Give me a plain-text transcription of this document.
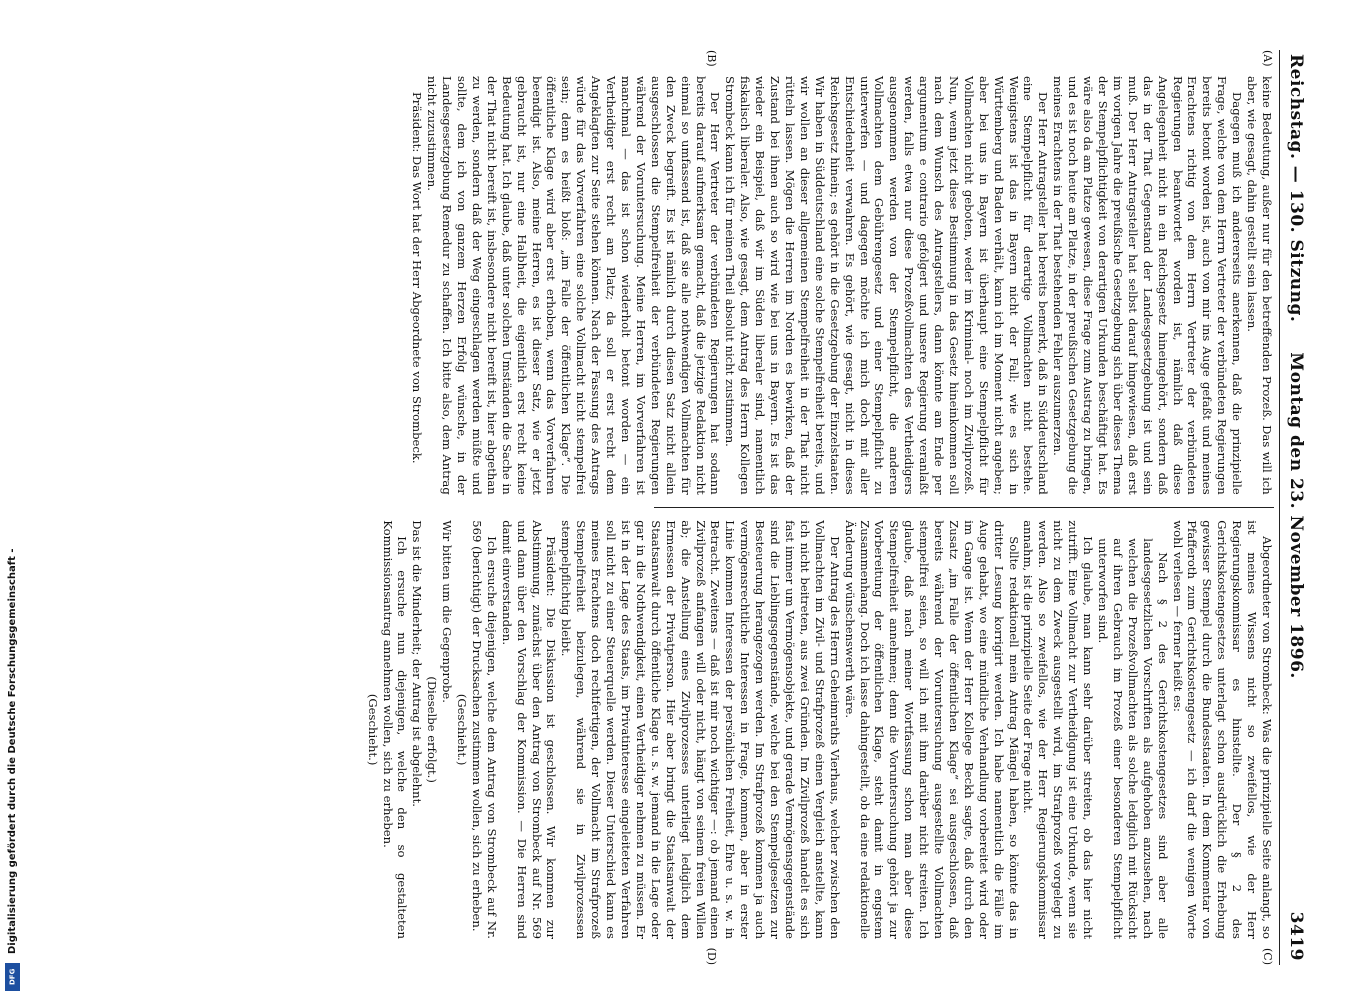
Reichstag. — 130. Sitzung.
Montag den 23. November 1896.
3419
(A)
(B)

keine Bedeutung, außer nur für den betreffenden Prozeß. Das will ich aber, wie gesagt, dahin gestellt sein lassen.

Dagegen muß ich andererseits anerkennen, daß die prinzipielle Frage, welche von dem Herrn Vertreter der verbündeten Regierungen bereits betont worden ist, auch von mir ins Auge gefaßt und meines Erachtens richtig von dem Herrn Vertreter der verbündeten Regierungen beantwortet worden ist, nämlich daß diese Angelegenheit nicht in ein Reichsgesetz hineingehört, sondern daß das in der That Gegenstand der Landesgesetzgebung ist und sein muß. Der Herr Antragsteller hat selbst darauf hingewiesen, daß erst im vorigen Jahre die preußische Gesetzgebung sich über dieses Thema der Stempelpflichtigkeit von derartigen Urkunden beschäftigt hat. Es wäre also da am Platze gewesen, diese Frage zum Austrag zu bringen, und es ist noch heute am Platze, in der preußischen Gesetzgebung die meines Erachtens in der That bestehenden Fehler auszumerzen.

Der Herr Antragsteller hat bereits bemerkt, daß in Süddeutschland eine Stempelpflicht für derartige Vollmachten nicht bestehe. Wenigstens ist das in Bayern nicht der Fall; wie es sich in Württemberg und Baden verhält, kann ich im Moment nicht angeben; aber bei uns in Bayern ist überhaupt eine Stempelpflicht für Vollmachten nicht geboten, weder im Kriminal- noch im Zivilprozeß. Nun, wenn jetzt diese Bestimmung in das Gesetz hineinkommen soll nach dem Wunsch des Antragstellers, dann könnte am Ende per argumentum e contrario gefolgert und unsere Regierung veranlaßt werden, falls etwa nur diese Prozeßvollmachten des Vertheidigers ausgenommen werden von der Stempelpflicht, die anderen Vollmachten dem Gebührengesetz und einer Stempelpflicht zu unterwerfen — und dagegen möchte ich mich doch mit aller Entschiedenheit verwahren. Es gehört, wie gesagt, nicht in dieses Reichsgesetz hinein; es gehört in die Gesetzgebung der Einzelstaaten. Wir haben in Süddeutschland eine solche Stempelfreiheit bereits, und wir wollen an dieser allgemeinen Stempelfreiheit in der That nicht rütteln lassen. Mögen die Herren im Norden es bewirken, daß der Zustand bei ihnen auch so wird wie bei uns in Bayern. Es ist das wieder ein Beispiel, daß wir im Süden liberaler sind, namentlich fiskalisch liberaler. Also, wie gesagt, dem Antrag des Herrn Kollegen Strombeck kann ich für meinen Theil absolut nicht zustimmen.

Der Herr Vertreter der verbündeten Regierungen hat sodann bereits darauf aufmerksam gemacht, daß die jetzige Redaktion nicht einmal so umfassend ist, daß sie alle nothwendigen Vollmachten für den Zweck begreift. Es ist nämlich durch diesen Satz nicht allein ausgeschlossen die Stempelfreiheit der verbündeten Regierungen während der Voruntersuchung. Meine Herren, im Vorverfahren ist manchmal — das ist schon wiederholt betont worden — ein Vertheidiger erst recht am Platz; da soll er erst recht dem Angeklagten zur Seite stehen können. Nach der Fassung des Antrags würde für das Vorverfahren eine solche Vollmacht nicht stempelfrei sein; denn es heißt bloß: „im Falle der öffentlichen Klage“. Die öffentliche Klage wird aber erst erhoben, wenn das Vorverfahren beendigt ist. Also, meine Herren, es ist dieser Satz, wie er jetzt gebraucht ist, nur eine Halbheit, die eigentlich erst recht keine Bedeutung hat. Ich glaube, daß unter solchen Umständen die Sache in der That nicht bereift ist, insbesondere nicht bereift ist, hier abgethan zu werden, sondern daß der Weg eingeschlagen werden müßte und sollte, dem ich von ganzem Herzen Erfolg wünsche, in der Landesgesetzgebung Remedur zu schaffen. Ich bitte also, dem Antrag nicht zuzustimmen.

Präsident: Das Wort hat der Herr Abgeordnete von Strombeck.

(C)
(D)

Abgeordneter von Strombeck: Was die prinzipielle Seite anlangt, so ist meines Wissens nicht so zweifellos, wie der Herr Regierungskommissar es hinstellte. Der § 2 des Gerichtskostengesetzes unterlagt schon ausdrücklich die Erhebung gewisser Stempel durch die Bundesstaaten. In dem Kommentar von Pfafferoth zum Gerichtskostengesetz — ich darf die wenigen Worte wohl verlesen — ferner heißt es:

Nach § 2 des Gerichtskostengesetzes sind aber alle landesgesetzlichen Vorschriften als aufgehoben anzusehen, nach welchen die Prozeßvollmachten als solche lediglich mit Rücksicht auf ihren Gebrauch im Prozeß einer besonderen Stempelpflicht unterworfen sind.

Ich glaube, man kann sehr darüber streiten, ob das hier nicht zutrifft. Eine Vollmacht zur Vertheidigung ist eine Urkunde, wenn sie nicht zu dem Zweck ausgestellt wird, im Strafprozeß vorgelegt zu werden. Also so zweifellos, wie der Herr Regierungskommissar annahm, ist die prinzipielle Seite der Frage nicht.

Sollte redaktionell mein Antrag Mängel haben, so könnte das in dritter Lesung korrigirt werden. Ich habe namentlich die Fälle im Auge gehabt, wo eine mündliche Verhandlung vorbereitet wird oder im Gange ist. Wenn der Herr Kollege Beckh sagte, daß durch den Zusatz „im Falle der öffentlichen Klage“ sei ausgeschlossen, daß bereits während der Voruntersuchung ausgestellte Vollmachten stempelfrei seien, so will ich mit ihm darüber nicht streiten. Ich glaube, daß nach meiner Wortfassung schon man aber diese Stempelfreiheit annehmen; denn die Voruntersuchung gehört ja zur Vorbereitung der öffentlichen Klage, steht damit in engstem Zusammenhang. Doch ich lasse dahingestellt, ob da eine redaktionelle Änderung wünschenswerth wäre.

Der Antrag des Herrn Geheimraths Vierhaus, welcher zwischen den Vollmachten im Zivil- und Strafprozeß einen Vergleich anstellte, kann ich nicht beitreten, aus zwei Gründen. Im Zivilprozeß handelt es sich fast immer um Vermögensobjekte, und gerade Vermögensgegenstände sind die Lieblingsgegenstände, welche bei den Stempelgesetzen zur Besteuerung herangezogen werden. Im Strafprozeß kommen ja auch vermögensrechtliche Interessen in Frage, kommen, aber in erster Linie kommen Interessen der persönlichen Freiheit, Ehre u. s. w. in Betracht. Zweitens — daß ist mir noch wichtiger —: ob jemand einen Zivilprozeß anfangen will oder nicht, hängt von seinem freien Willen ab; die Anstellung eines Zivilprozesses unterliegt lediglich dem Ermessen der Privatperson. Hier aber bringt die Staatsanwalt der Staatsanwalt durch öffentliche Klage u. s. w. jemand in die Lage oder gar in die Nothwendigkeit, einen Vertheidiger nehmen zu müssen. Er ist in der Lage des Staats, im Privatinteresse eingeleiteten Verfahren soll nicht zu einer Steuerquelle werden. Dieser Unterschied kann es meines Erachtens doch rechtfertigen, der Vollmacht im Strafprozeß Stempelfreiheit beizulegen, während sie in Zivilprozessen stempelpflichtig bleibt.

Präsident: Die Diskussion ist geschlossen. Wir kommen zur Abstimmung, zunächst über den Antrag von Strombeck auf Nr. 569 und dann über den Vorschlag der Kommission. — Die Herren sind damit einverstanden.

Ich ersuche diejenigen, welche dem Antrag von Strombeck auf Nr. 569 (berichtigt) der Drucksachen zustimmen wollen, sich zu erheben.

(Geschieht.)

Wir bitten um die Gegenprobe.

(Dieselbe erfolgt.)

Das ist die Minderheit; der Antrag ist abgelehnt.

Ich ersuche nun diejenigen, welche den so gestalteten Kommissionsantrag annehmen wollen, sich zu erheben.

(Geschieht.)

Digitalisierung gefördert durch die Deutsche Forschungsgemeinschaft -
DFG
